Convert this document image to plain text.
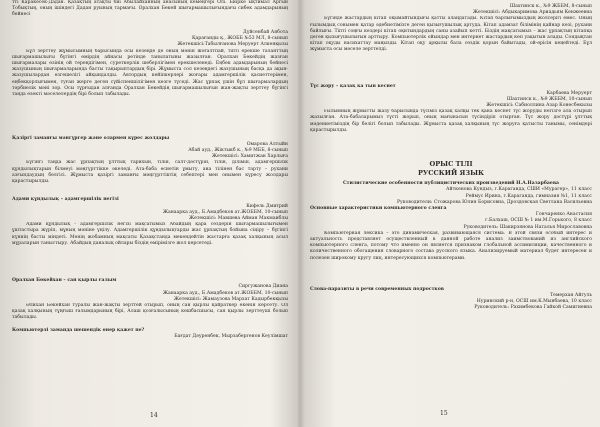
тті Каракесек-Дадан. Қазақтың атақты биі Абылайханның анасының кемеңгері Олі. Биірке ықтимал Аргын Тобықтың, оның ішіндегі Дадан руының тармағы. Оралхан Бөкей шығармашылығындағы сибек адамдарының бейнесі

Дүйсенбай Аябота

Қарағанды қ., ЖОББ №53 МЛ, 8-сынып

Жетекшісі:Табылғанова Меруерт Алкенқызы

Бұл зерттеу жұмысымның барысында осы кезеңде де оның мәнін жоғалтпай, тіпті ерекше таланттың шығармашылығы бүгінгі өмірдің айнасы ретінде танылатыны жазылған. Оралхан Бөкейдің жазған шығармалары өзінің ой тереңдігімен, суреткерлік шеберлігімен ерекшеленеді. Еңбек адамдарының бейнесі жазушының шығармаларында басты тақырыптардың бірі. Жұмыста сол кезеңдегі жазушының басқа да ақын-жазушылардан өзгешелігі айқындалды. Автордың кейіпкерлері жоғары адамгершілік қасиеттерімен, еңбекқорлығымен, туған жерге деген сүйіспеншілігімен көзге түседі. Жас ұрпақ үшін бұл шығармалардың тәрбиелік мәні зор. Осы тұрғыдан алғанда Оралхан Бөкейдің шығармашылығын жан-жақты зерттеу бүгінгі таңда өзекті мәселелердің бірі болып табылады.

Қазіргі заманғы мәнгүргер және олармен күрес жолдары

Омарова Алтыйн

Абай ауд., Жіктыкб к., №9 МББ, 8-сынып

Жетекшісі: Хамитжан Харлыға

Бүгінгі таңда жас ұрпақтың ұлттық тарихын, тілін, салт-дәстүрін, тілін, ділімін, адамгершілік құндылықтарын білмеуі мәңгүрттікке әкеледі. Ата-баба өсиетін ұмыту, ана тілінен бас тарту – рухани азғындаудың белгісі. Жұмыста қазіргі заманғы мәңгүрттіктің себептері мен онымен күресу жолдары қарастырылды.

Адами құндылық – адамгершілік негізі

Кифель Дмитрий

Жанаарка ауд., Б.Амадбеков ат.ЖОББМ, 10-сынып

Жетекшісі: Мавшева Айман Макмаиблы

Адами құндылық - адамгершілік негізі мақсатымыз Абайдың қара сөздерін шығармашылығымен ұштастыра жүріп, мұның мәніне үңілу. Адамгершілік құндылықтарды жас ұрпақтың бойына сіңіру – бүгінгі күннің басты міндеті. Менің жобамның мақсаты Қазақстанда мекендейтін жастарға қазақ халқының асыл мұраларын таныстыру. Абайдың даналық ойлары біздің өмірімізге жол көрсетеді.

Оралхан Бөкейхан – сан қырлы ғалым

Сиргужанова Диана

Жанаарка ауд., Б.Амадбеков ат.ЖОББМ, 10-сынып

Жетекшісі: Жамаузова Мархат Кадырбекқызы

Әлихан Бөкейхан туралы жан-жақты зерттей отырып, оның сан қырлы қайраткер екенін көрсету. Ол қазақ халқының тұңғыш ғалымдарының бірі, Алаш қозғалысының көшбасшысы, сан қырлы зерттеуші болып табылады.

Компьютерлі заманда шешендік өнер қажет пе?

Бағдат Дәуренбек, Мырзабергенов Кеулімшат

14

Шахтинск к., №9 ЖББМ, 8-сынып

Жетекшісі: Абдыкаримова Ариадьям Кенжеевна

Бүгінде жастардың кітап оқымайтындығы қатты алаңдатады. Кітап барлығымыздың жолсерігі емес. Оның ғылымдық сонымен қатар әдебиетімізге деген қызығушылық артуда. Кітап адамзат білімінің қайнар көзі, рухани байлығы. Тіпті соңғы кездері кітап оқитындардың саны азайып кетті. Біздің мақсатымыз – жас ұрпақтың кітапқа деген қызығушылығын арттыру. Компьютерлік ойындар мен интернет жастардың көп уақытын алады. Сондықтан кітап оқуды насихаттау маңызды. Кітап оқу арқылы бала сөздік қорын байытады, ой-өрісін кеңейтеді. Бұл жұмыста осы мәселе зерттелді.

Түс жору – қазақ ка тын кеснет

Карбаева Меруерт

Шахтинск к., №9 ЖББМ, 10-сынып

Жетекшісі: Сабиоллина Азар Конесбекызы

Ғылымның жұмысты жазу барысында түсіміз қазақ халқы тек қана кеснет түс жоруды негізге ала отырып жазылған. Ата-бабаларымыз түсті жорып, оның мағынасын түсіндіріп отырған. Түс жору дәстүрі ұлттық мәдениетіміздің бір бөлігі болып табылады. Жұмыста қазақ халқының түс жоруға қатысты танымы, сенімдері қарастырылды.

ОРЫС ТІЛІ
РУССКИЙ ЯЗЫК

Стилистические особенности публицистических произведений Н.А.Назарбаева

Айткенова Кундыз, г.Караганда, СШИ «Мурагер», 11 класс

Реймус Ирина, г.Караганда, гимназия №1, 11 класс

Руководители: Стожарова Юлия Борисовна, Дроздовская Светлана Васильевна

Основные характеристики компьютерного сленга

Гончаренко Анастасия

г.Балхаш, ОСШ № 1 им.М.Горького, 8 класс

Руководитель: Шакирзянова Наталья Мирославовна

Компьютерная лексика – это динамическая, развивающаяся система. В этой связи особый интерес и актуальность представляет осуществленный в данной работе анализ заимствований из английского компьютерного сленга, потому что именно он является признаком глобальной ассимиляции, качественного и количественного обогащения словарного состава русского языка. Анализируемый материал будет интересен и полезен широкому кругу лиц, интересующихся компьютерами.

Слова-паразиты в речи современных подростков

Темерхан Айгуль

Нуринский р-н, ОСШ им.К.Мынбаева, 10 класс

Руководитель: Рахимбекова Гайкой Самигиевна

15
